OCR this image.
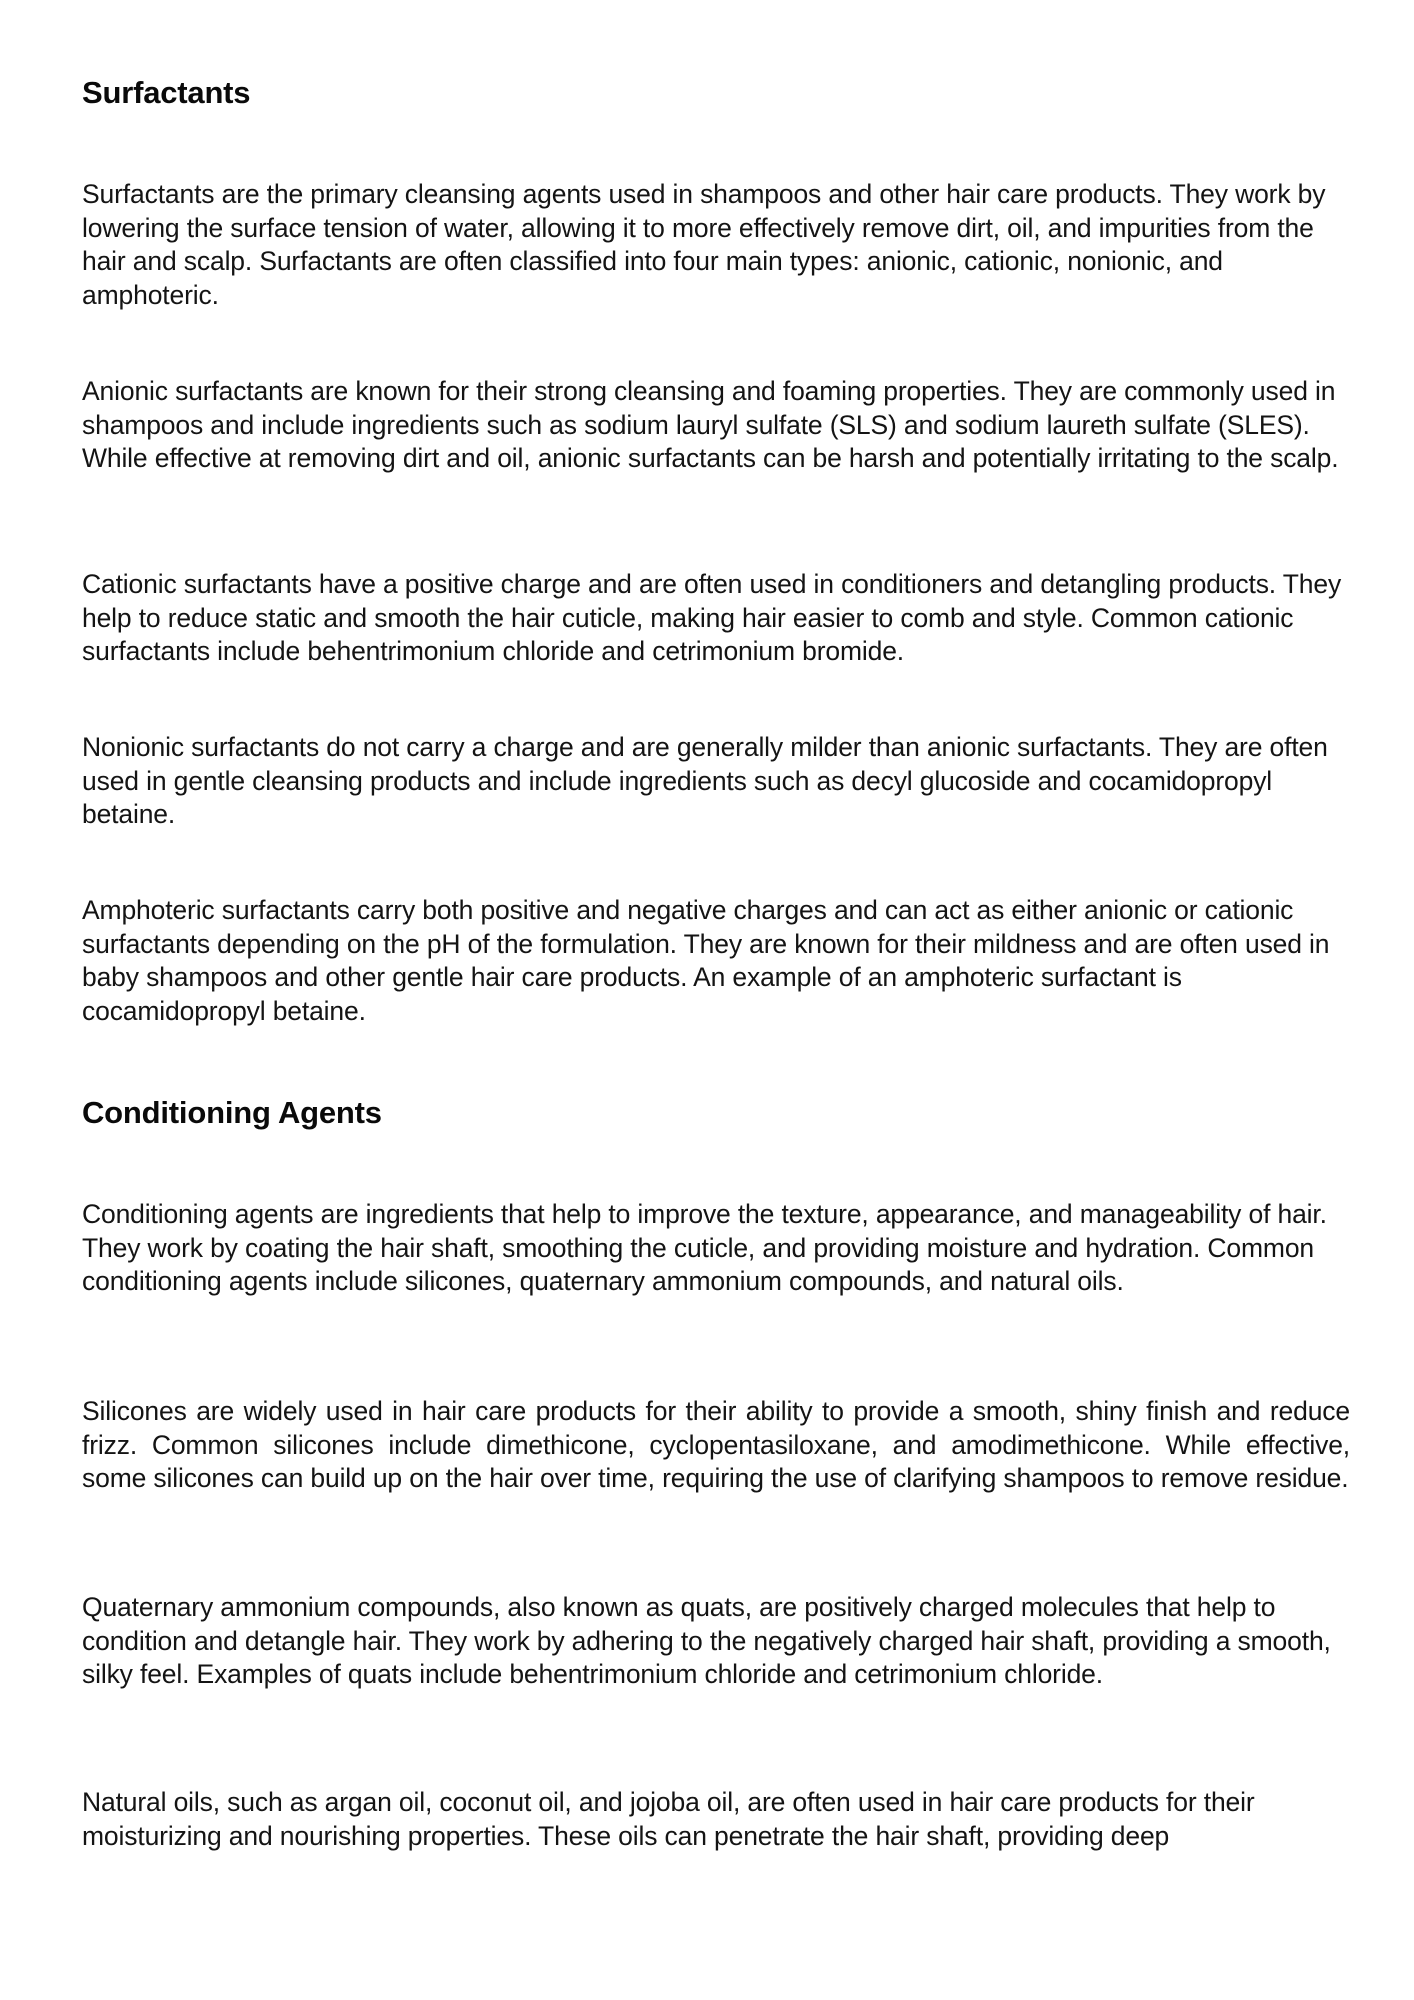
Surfactants

Surfactants are the primary cleansing agents used in shampoos and other hair care products. They work by lowering the surface tension of water, allowing it to more effectively remove dirt, oil, and impurities from the hair and scalp. Surfactants are often classified into four main types: anionic, cationic, nonionic, and amphoteric.

Anionic surfactants are known for their strong cleansing and foaming properties. They are commonly used in shampoos and include ingredients such as sodium lauryl sulfate (SLS) and sodium laureth sulfate (SLES). While effective at removing dirt and oil, anionic surfactants can be harsh and potentially irritating to the scalp.

Cationic surfactants have a positive charge and are often used in conditioners and detangling products. They help to reduce static and smooth the hair cuticle, making hair easier to comb and style. Common cationic surfactants include behentrimonium chloride and cetrimonium bromide.

Nonionic surfactants do not carry a charge and are generally milder than anionic surfactants. They are often used in gentle cleansing products and include ingredients such as decyl glucoside and cocamidopropyl betaine.

Amphoteric surfactants carry both positive and negative charges and can act as either anionic or cationic surfactants depending on the pH of the formulation. They are known for their mildness and are often used in baby shampoos and other gentle hair care products. An example of an amphoteric surfactant is cocamidopropyl betaine.

Conditioning Agents

Conditioning agents are ingredients that help to improve the texture, appearance, and manageability of hair. They work by coating the hair shaft, smoothing the cuticle, and providing moisture and hydration. Common conditioning agents include silicones, quaternary ammonium compounds, and natural oils.

Silicones are widely used in hair care products for their ability to provide a smooth, shiny finish and reduce frizz. Common silicones include dimethicone, cyclopentasiloxane, and amodimethicone. While effective, some silicones can build up on the hair over time, requiring the use of clarifying shampoos to remove residue.

Quaternary ammonium compounds, also known as quats, are positively charged molecules that help to condition and detangle hair. They work by adhering to the negatively charged hair shaft, providing a smooth, silky feel. Examples of quats include behentrimonium chloride and cetrimonium chloride.

Natural oils, such as argan oil, coconut oil, and jojoba oil, are often used in hair care products for their moisturizing and nourishing properties. These oils can penetrate the hair shaft, providing deep
